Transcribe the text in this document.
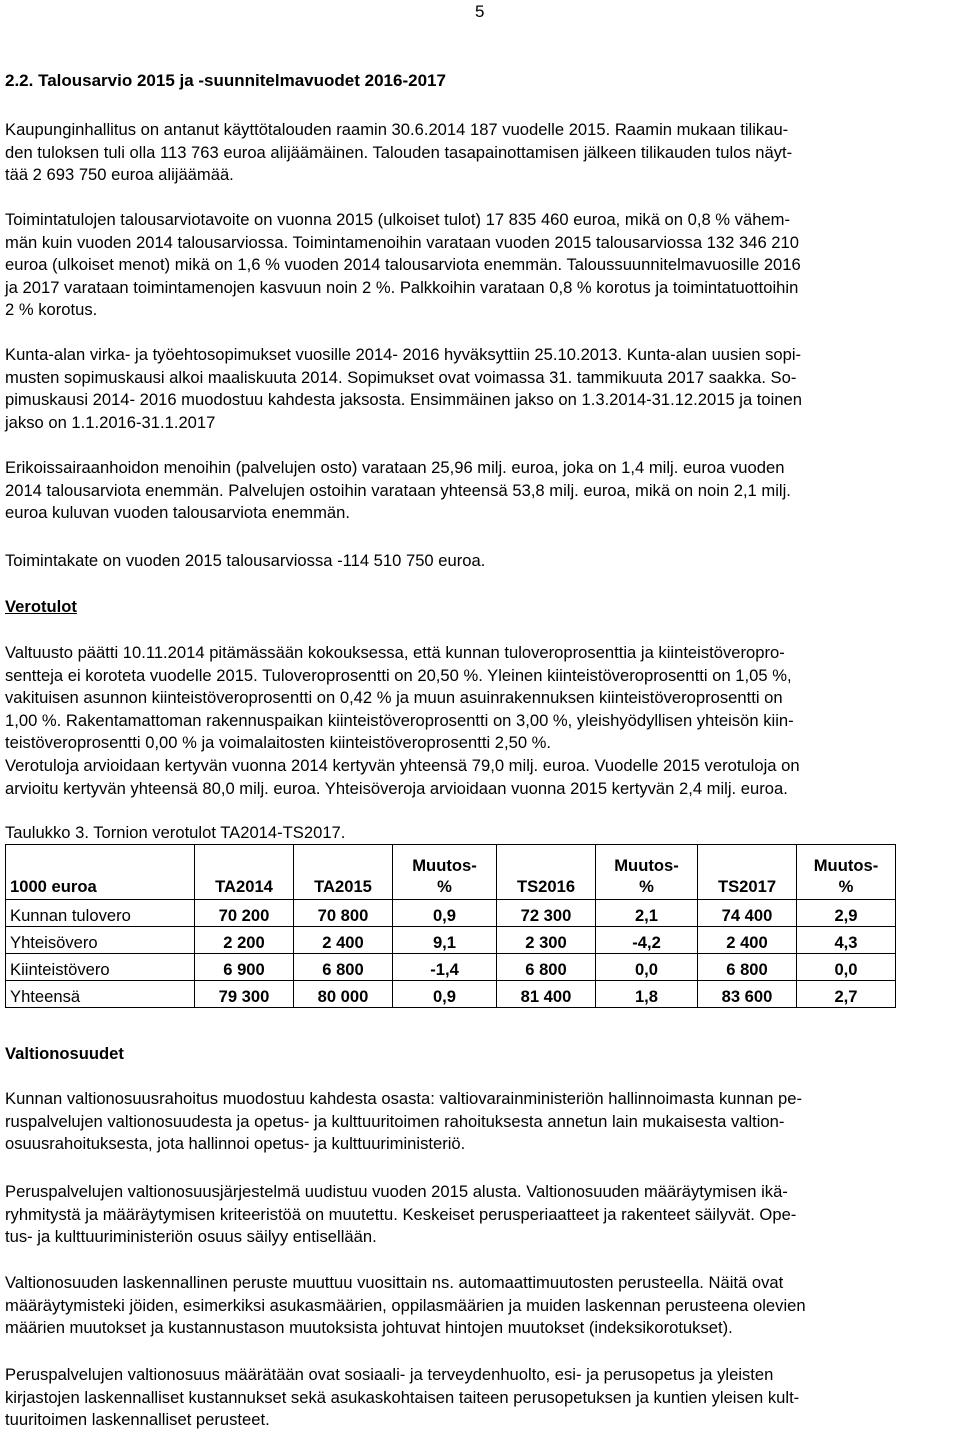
5
2.2. Talousarvio 2015 ja -suunnitelmavuodet 2016-2017
Kaupunginhallitus on antanut käyttötalouden raamin 30.6.2014 187 vuodelle 2015. Raamin mukaan tilikau-
den tuloksen tuli olla 113 763 euroa alijäämäinen. Talouden tasapainottamisen jälkeen tilikauden tulos näyt-
tää 2 693 750 euroa alijäämää.
Toimintatulojen talousarviotavoite on vuonna 2015 (ulkoiset tulot) 17 835 460 euroa, mikä on 0,8 % vähem-
män kuin vuoden 2014 talousarviossa. Toimintamenoihin varataan vuoden 2015 talousarviossa 132 346 210
euroa (ulkoiset menot) mikä on 1,6 % vuoden 2014 talousarviota enemmän. Taloussuunnitelmavuosille 2016
ja 2017 varataan toimintamenojen kasvuun noin 2 %. Palkkoihin varataan 0,8 % korotus ja toimintatuottoihin
2 % korotus.
Kunta-alan virka- ja työehtosopimukset vuosille 2014- 2016 hyväksyttiin 25.10.2013. Kunta-alan uusien sopi-
musten sopimuskausi alkoi maaliskuuta 2014. Sopimukset ovat voimassa 31. tammikuuta 2017 saakka. So-
pimuskausi 2014- 2016 muodostuu kahdesta jaksosta. Ensimmäinen jakso on 1.3.2014-31.12.2015 ja toinen
jakso on 1.1.2016-31.1.2017
Erikoissairaanhoidon menoihin (palvelujen osto) varataan 25,96 milj. euroa, joka on 1,4 milj. euroa vuoden
2014 talousarviota enemmän. Palvelujen ostoihin varataan yhteensä 53,8 milj. euroa, mikä on noin 2,1 milj.
euroa kuluvan vuoden talousarviota enemmän.
Toimintakate on vuoden 2015 talousarviossa -114 510 750 euroa.
Verotulot
Valtuusto päätti 10.11.2014 pitämässään kokouksessa, että kunnan tuloveroprosenttia ja kiinteistöveropro-
sentteja ei koroteta vuodelle 2015. Tuloveroprosentti on 20,50 %. Yleinen kiinteistöveroprosentti on 1,05 %,
vakituisen asunnon kiinteistöveroprosentti on 0,42 % ja muun asuinrakennuksen kiinteistöveroprosentti on
1,00 %. Rakentamattoman rakennuspaikan kiinteistöveroprosentti on 3,00 %, yleishyödyllisen yhteisön kiin-
teistöveroprosentti 0,00 % ja voimalaitosten kiinteistöveroprosentti 2,50 %.
Verotuloja arvioidaan kertyvän vuonna 2014 kertyvän yhteensä 79,0 milj. euroa. Vuodelle 2015 verotuloja on
arvioitu kertyvän yhteensä 80,0 milj. euroa. Yhteisöveroja arvioidaan vuonna 2015 kertyvän 2,4 milj. euroa.
Taulukko 3. Tornion verotulot TA2014-TS2017.
1000 euroa	TA2014	TA2015	Muutos-
%	TS2016	Muutos-
%	TS2017	Muutos-
%

Kunnan tulovero	70 200	70 800	0,9	72 300	2,1	74 400	2,9
Yhteisövero	2 200	2 400	9,1	2 300	-4,2	2 400	4,3
Kiinteistövero	6 900	6 800	-1,4	6 800	0,0	6 800	0,0
Yhteensä	79 300	80 000	0,9	81 400	1,8	83 600	2,7
Valtionosuudet
Kunnan valtionosuusrahoitus muodostuu kahdesta osasta: valtiovarainministeriön hallinnoimasta kunnan pe-
ruspalvelujen valtionosuudesta ja opetus- ja kulttuuritoimen rahoituksesta annetun lain mukaisesta valtion-
osuusrahoituksesta, jota hallinnoi opetus- ja kulttuuriministeriö.
Peruspalvelujen valtionosuusjärjestelmä uudistuu vuoden 2015 alusta. Valtionosuuden määräytymisen ikä-
ryhmitystä ja määräytymisen kriteeristöä on muutettu. Keskeiset perusperiaatteet ja rakenteet säilyvät. Ope-
tus- ja kulttuuriministeriön osuus säilyy entisellään.
Valtionosuuden laskennallinen peruste muuttuu vuosittain ns. automaattimuutosten perusteella. Näitä ovat
määräytymisteki jöiden, esimerkiksi asukasmäärien, oppilasmäärien ja muiden laskennan perusteena olevien
määrien muutokset ja kustannustason muutoksista johtuvat hintojen muutokset (indeksikorotukset).
Peruspalvelujen valtionosuus määrätään ovat sosiaali- ja terveydenhuolto, esi- ja perusopetus ja yleisten
kirjastojen laskennalliset kustannukset sekä asukaskohtaisen taiteen perusopetuksen ja kuntien yleisen kult-
tuuritoimen laskennalliset perusteet.
